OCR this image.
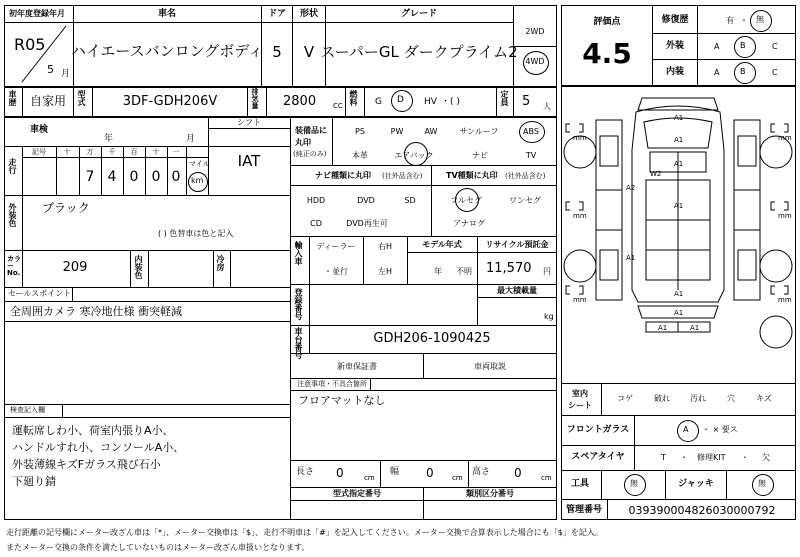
初年度登録年月
R05
5 月
車名
ハイエースバンロングボディ
ドア
5
形状
V
グレード
スーパーGL ダークプライム2
2WD
4WD
車歴 自家用 型式	3DF-GDH206V	排気量 2800 CC 燃料 G D HV ・( )	定員 5 人
車検
年	月
シフト
IAT
走行
記号	十 万 千 百 十 一
7 4 0 0 0
マイル
km
外装色 ブラック
( ) 色替車は色と記入
カラーNo.	209	内装色	冷房
セールスポイント
全周囲カメラ 寒冷地仕様 衝突軽減
装備品に
丸印
(純正のみ)
PS	PW	AW	サンルーフ	ABS
本革	エアバック	ナビ	TV
ナビ種類に丸印 (社外品含む)	TV種類に丸印 (社外品含む)
HDD	DVD	SD
CD	DVD再生可
フルセグ	ワンセグ
アナログ
輸入車 ディーラー
・並行
右H
左H
モデル年式
年 不明
リサイクル預託金
11,570 円
登録番号	最大積載量
kg
車台番号	GDH206-1090425
新車保証書	車両取説
検査記入欄
運転席しわ小、荷室内張りA小、
ハンドルすれ小、コンソールA小、
外装薄線キズFガラス飛び石小
下廻り錆
注意事項・不具合箇所
フロアマットなし
長さ 0	cm
幅 0	cm
高さ 0	cm
型式指定番号	類別区分番号
評価点
4.5
修復歴	有 ・ 無
外装	A	B	C
内装	A	B	C
mm	mm
mm	mm
mm	mm
A1
A1
A1
A2
A1
W2
A1
A1
A1
A1	A1
室内
シート
コゲ	破れ	汚れ	穴	キズ
フロントガラス	A ・ × 要ス
スペアタイヤ	T ・ 修理KIT ・ 欠
工具	無	ジャッキ	無
管理番号 039390004826030000792
走行距離の記号欄にメーター改ざん車は「*」、メーター交換車は「$」、走行不明車は「#」を記入してください。メーター交換で合算表示した場合にも「$」を記入。
またメーター交換の条件を満たしていないものはメーター改ざん車扱いとなります。
